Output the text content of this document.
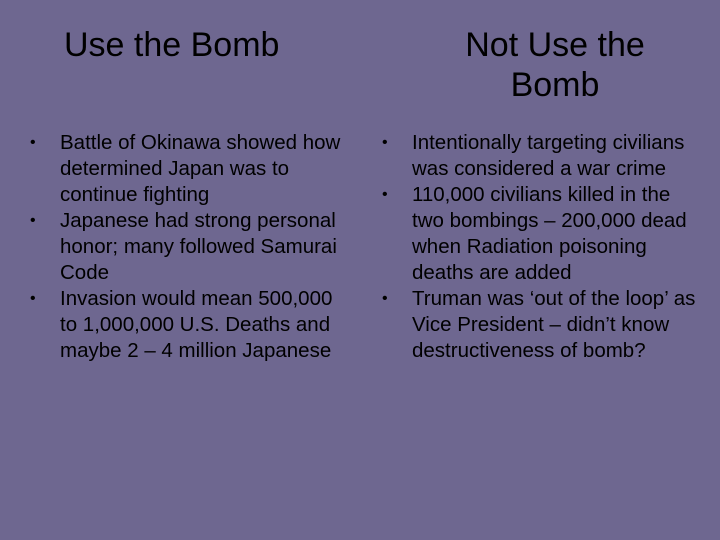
Use the Bomb	Not Use the
Bomb
• Battle of Okinawa showed how determined Japan was to continue fighting
• Japanese had strong personal honor; many followed Samurai Code
• Invasion would mean 500,000 to 1,000,000 U.S. Deaths and maybe 2 – 4 million Japanese
• Intentionally targeting civilians was considered a war crime
• 110,000 civilians killed in the two bombings – 200,000 dead when Radiation poisoning deaths are added
• Truman was ‘out of the loop’ as Vice President – didn’t know destructiveness of bomb?
